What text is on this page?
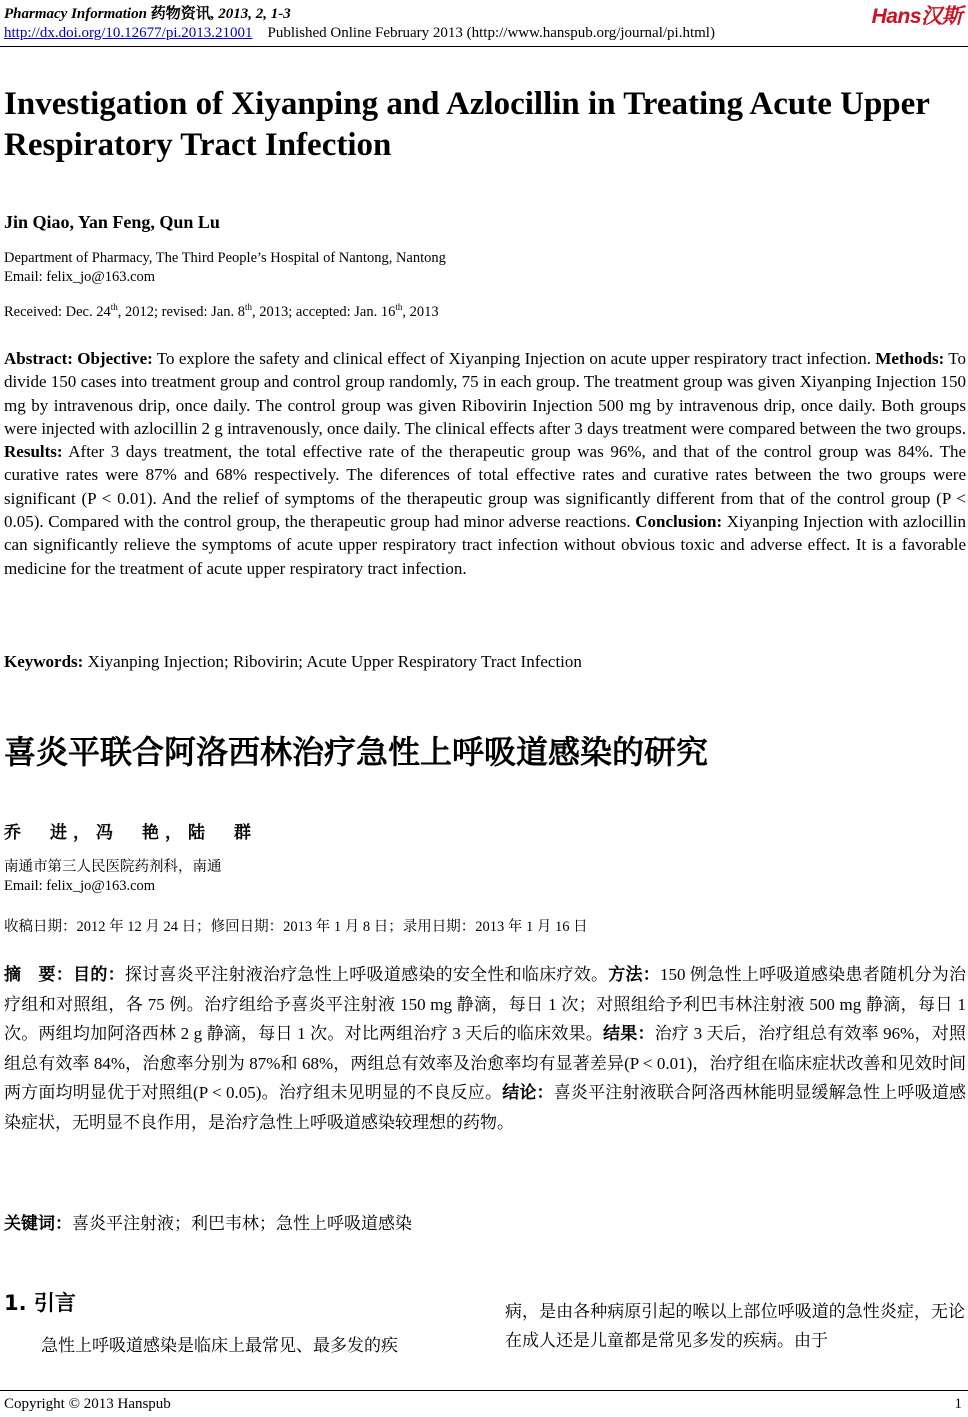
Pharmacy Information 药物资讯, 2013, 2, 1-3
http://dx.doi.org/10.12677/pi.2013.21001 Published Online February 2013 (http://www.hanspub.org/journal/pi.html)
Hans汉斯
Investigation of Xiyanping and Azlocillin in Treating Acute Upper Respiratory Tract Infection
Jin Qiao, Yan Feng, Qun Lu
Department of Pharmacy, The Third People’s Hospital of Nantong, Nantong
Email: felix_jo@163.com
Received: Dec. 24th, 2012; revised: Jan. 8th, 2013; accepted: Jan. 16th, 2013

Abstract: Objective: To explore the safety and clinical effect of Xiyanping Injection on acute upper respiratory tract infection. Methods: To divide 150 cases into treatment group and control group randomly, 75 in each group. The treatment group was given Xiyanping Injection 150 mg by intravenous drip, once daily. The control group was given Ribovirin Injection 500 mg by intravenous drip, once daily. Both groups were injected with azlocillin 2 g intravenously, once daily. The clinical effects after 3 days treatment were compared between the two groups. Results: After 3 days treatment, the total effective rate of the therapeutic group was 96%, and that of the control group was 84%. The curative rates were 87% and 68% respectively. The diferences of total effective rates and curative rates between the two groups were significant (P < 0.01). And the relief of symptoms of the therapeutic group was significantly different from that of the control group (P < 0.05). Compared with the control group, the therapeutic group had minor adverse reactions. Conclusion: Xiyanping Injection with azlocillin can significantly relieve the symptoms of acute upper respiratory tract infection without obvious toxic and adverse effect. It is a favorable medicine for the treatment of acute upper respiratory tract infection.

Keywords: Xiyanping Injection; Ribovirin; Acute Upper Respiratory Tract Infection
喜炎平联合阿洛西林治疗急性上呼吸道感染的研究
乔　进，冯　艳，陆　群
南通市第三人民医院药剂科，南通
Email: felix_jo@163.com
收稿日期：2012 年 12 月 24 日；修回日期：2013 年 1 月 8 日；录用日期：2013 年 1 月 16 日

摘　要：目的：探讨喜炎平注射液治疗急性上呼吸道感染的安全性和临床疗效。方法：150 例急性上呼吸道感染患者随机分为治疗组和对照组，各 75 例。治疗组给予喜炎平注射液 150 mg 静滴，每日 1 次；对照组给予利巴韦林注射液 500 mg 静滴，每日 1 次。两组均加阿洛西林 2 g 静滴，每日 1 次。对比两组治疗 3 天后的临床效果。结果：治疗 3 天后，治疗组总有效率 96%，对照组总有效率 84%，治愈率分别为 87%和 68%，两组总有效率及治愈率均有显著差异(P < 0.01)，治疗组在临床症状改善和见效时间两方面均明显优于对照组(P < 0.05)。治疗组未见明显的不良反应。结论：喜炎平注射液联合阿洛西林能明显缓解急性上呼吸道感染症状，无明显不良作用，是治疗急性上呼吸道感染较理想的药物。

关键词：喜炎平注射液；利巴韦林；急性上呼吸道感染
1. 引言

急性上呼吸道感染是临床上最常见、最多发的疾

病，是由各种病原引起的喉以上部位呼吸道的急性炎症，无论在成人还是儿童都是常见多发的疾病。由于

Copyright © 2013 Hanspub	1
